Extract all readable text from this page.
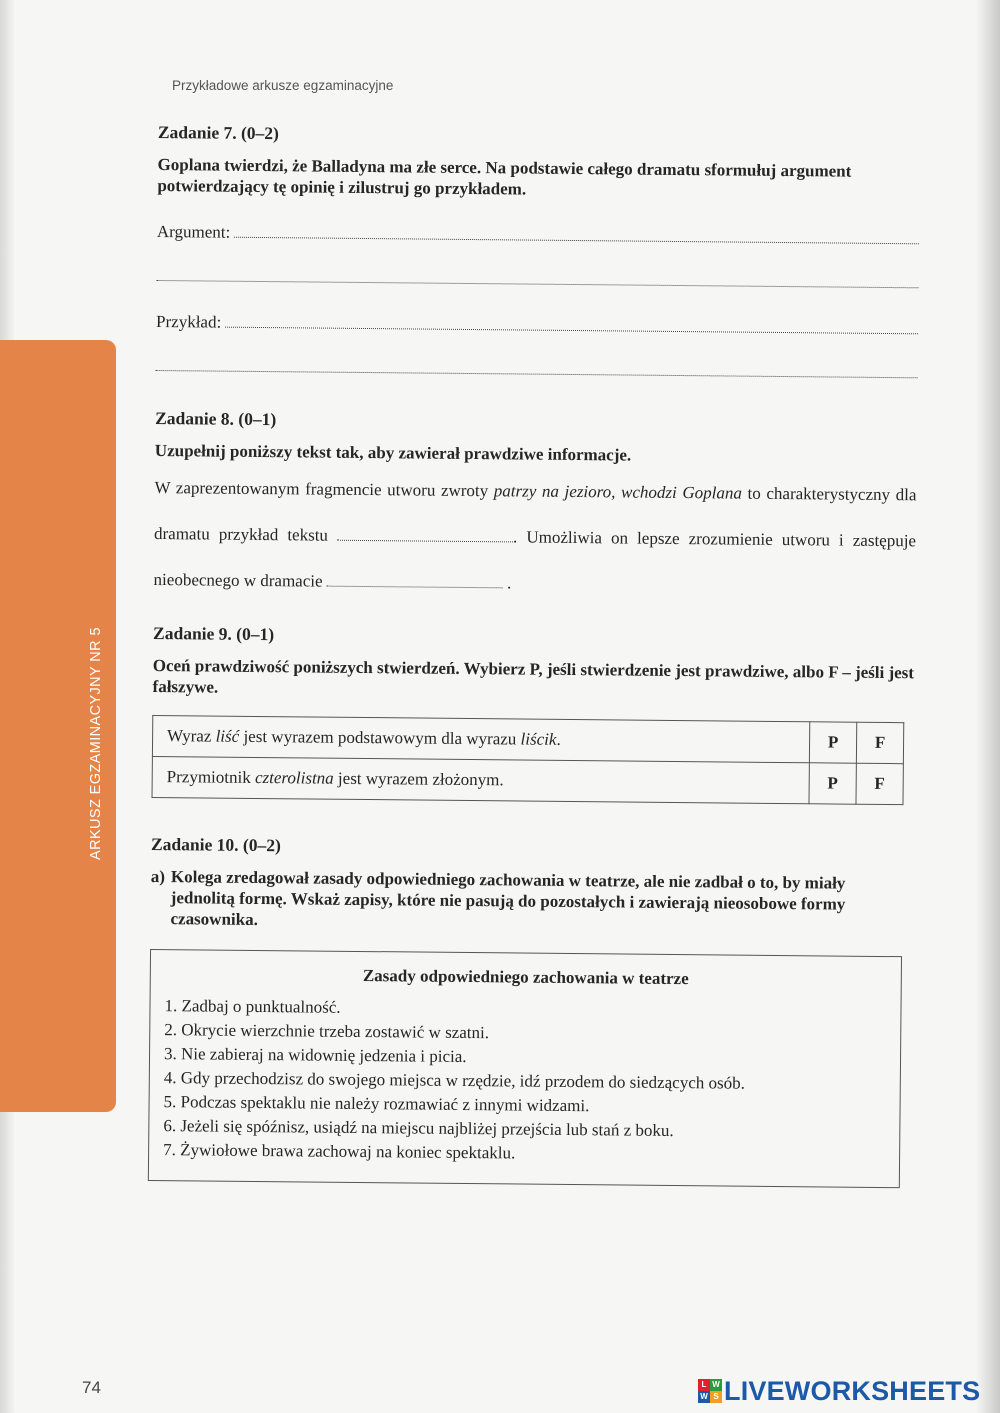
ARKUSZ EGZAMINACYJNY NR 5
Przykładowe arkusze egzaminacyjne
Zadanie 7. (0–2)
Goplana twierdzi, że Balladyna ma złe serce. Na podstawie całego dramatu sformułuj argument potwierdzający tę opinię i zilustruj go przykładem.
Argument:
Przykład:
Zadanie 8. (0–1)
Uzupełnij poniższy tekst tak, aby zawierał prawdziwe informacje.
W zaprezentowanym fragmencie utworu zwroty patrzy na jezioro, wchodzi Goplana to charakterystyczny dla dramatu przykład tekstu	. Umożliwia on lepsze zrozumienie utworu i zastępuje nieobecnego w dramacie	.
Zadanie 9. (0–1)
Oceń prawdziwość poniższych stwierdzeń. Wybierz P, jeśli stwierdzenie jest prawdziwe, albo F – jeśli jest fałszywe.
Wyraz liść jest wyrazem podstawowym dla wyrazu liścik.	P	F
Przymiotnik czterolistna jest wyrazem złożonym.	P	F
Zadanie 10. (0–2)
a) Kolega zredagował zasady odpowiedniego zachowania w teatrze, ale nie zadbał o to, by miały jednolitą formę. Wskaż zapisy, które nie pasują do pozostałych i zawierają nieosobowe formy czasownika.
Zasady odpowiedniego zachowania w teatrze
1. Zadbaj o punktualność.
2. Okrycie wierzchnie trzeba zostawić w szatni.
3. Nie zabieraj na widownię jedzenia i picia.
4. Gdy przechodzisz do swojego miejsca w rzędzie, idź przodem do siedzących osób.
5. Podczas spektaklu nie należy rozmawiać z innymi widzami.
6. Jeżeli się spóźnisz, usiądź na miejscu najbliżej przejścia lub stań z boku.
7. Żywiołowe brawa zachowaj na koniec spektaklu.
74	L W
W S LIVEWORKSHEETS
